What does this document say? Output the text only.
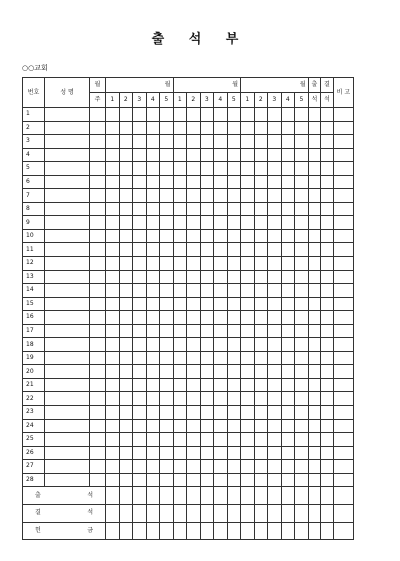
출 석 부
○○교회
번호	성 명	월	월					월					월					출	결	비 고
		주	1	2	3	4	5	1	2	3	4	5	1	2	3	4	5	석	석	
1																				
2																				
3																				
4																				
5																				
6																				
7																				
8																				
9																				
10																				
11																				
12																				
13																				
14																				
15																				
16																				
17																				
18																				
19																				
20																				
21																				
22																				
23																				
24																				
25																				
26																				
27																				
28																				

출 석																				

결 석																				

헌 금																				
